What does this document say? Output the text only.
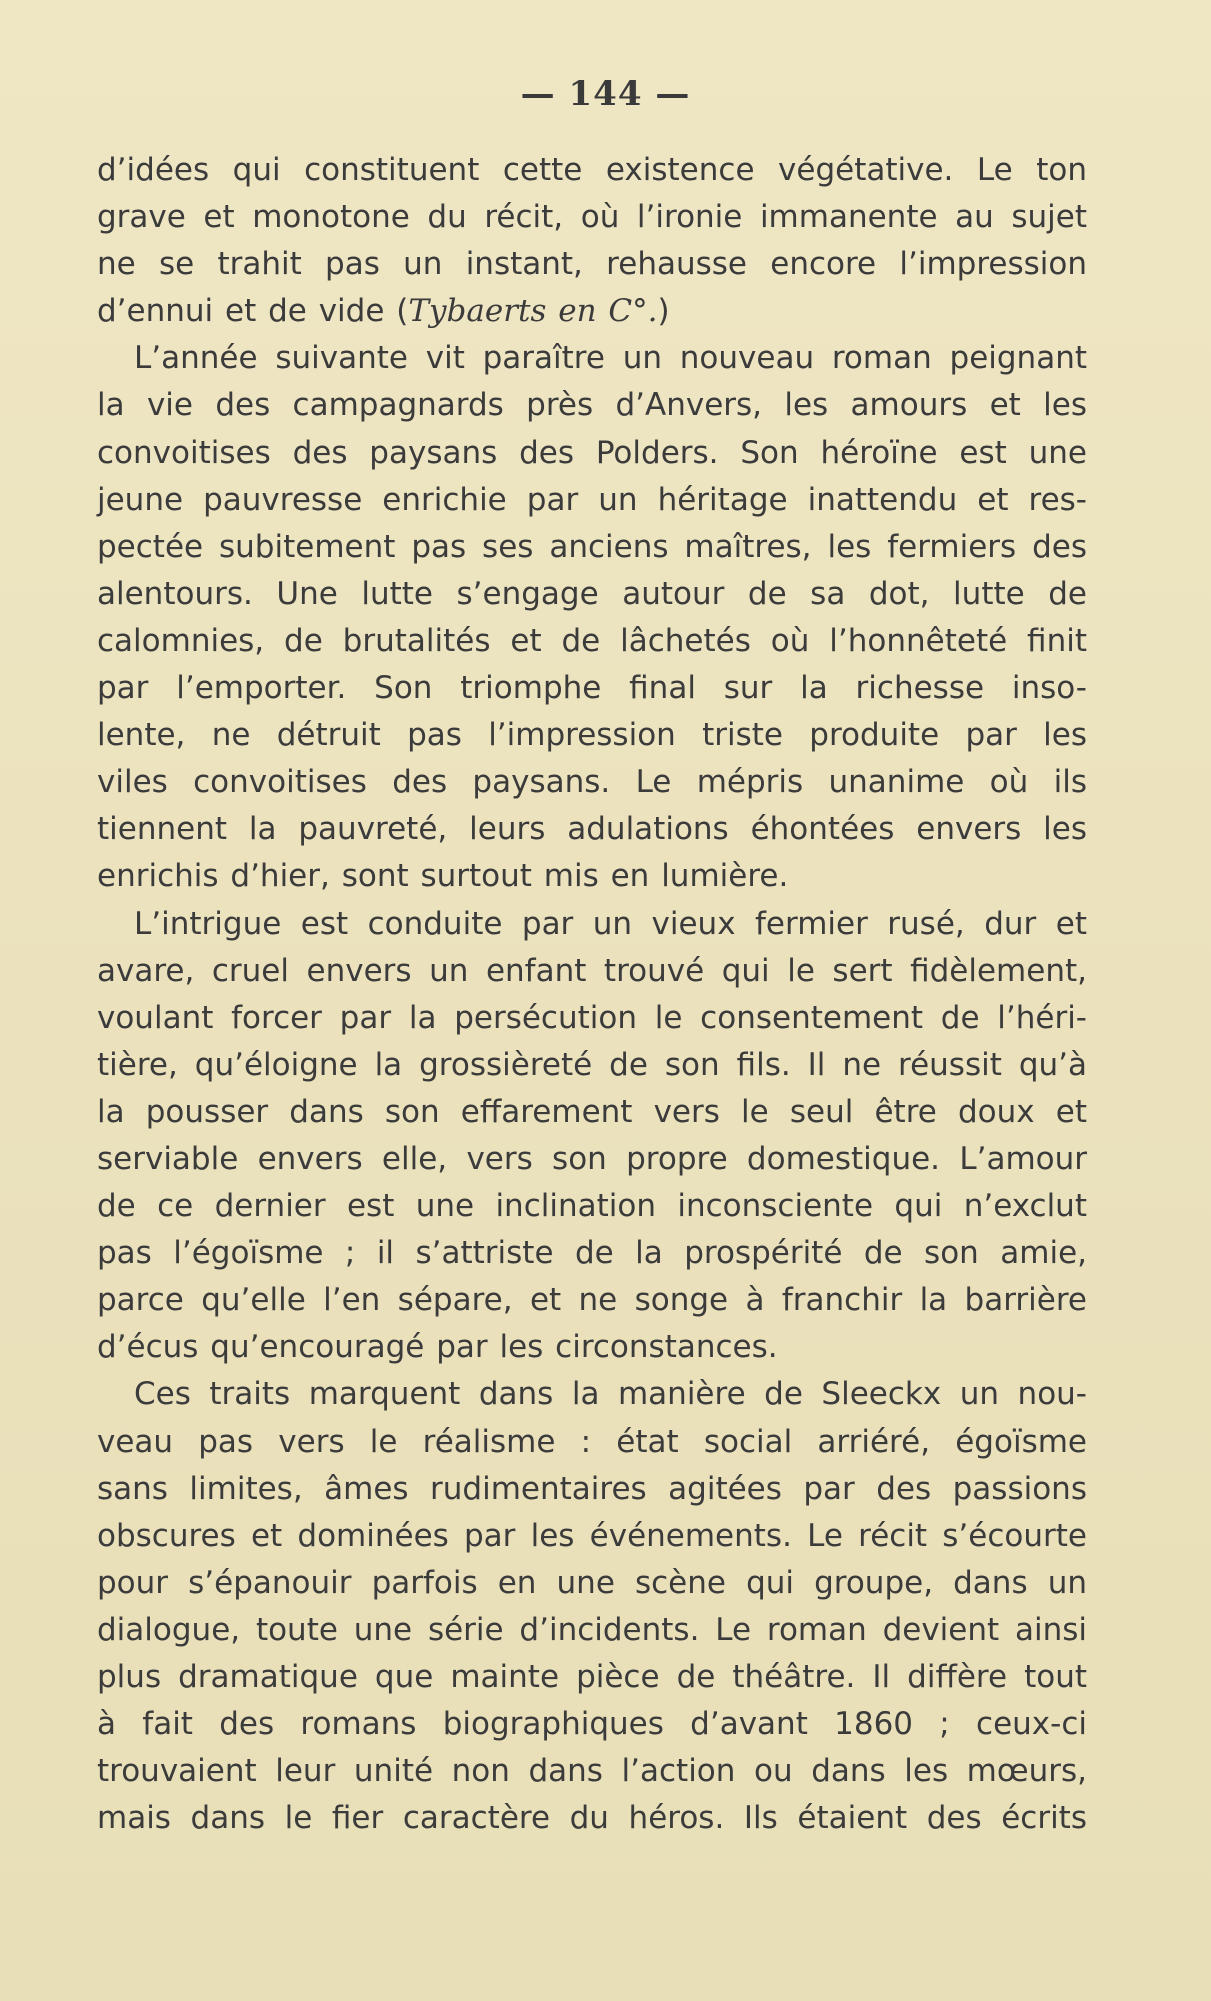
— 144 —
d’idées qui constituent cette existence végétative. Le ton
grave et monotone du récit, où l’ironie immanente au sujet
ne se trahit pas un instant, rehausse encore l’impression
d’ennui et de vide (Tybaerts en C°.)
L’année suivante vit paraître un nouveau roman peignant
la vie des campagnards près d’Anvers, les amours et les
convoitises des paysans des Polders. Son héroïne est une
jeune pauvresse enrichie par un héritage inattendu et res-
pectée subitement pas ses anciens maîtres, les fermiers des
alentours. Une lutte s’engage autour de sa dot, lutte de
calomnies, de brutalités et de lâchetés où l’honnêteté finit
par l’emporter. Son triomphe final sur la richesse inso-
lente, ne détruit pas l’impression triste produite par les
viles convoitises des paysans. Le mépris unanime où ils
tiennent la pauvreté, leurs adulations éhontées envers les
enrichis d’hier, sont surtout mis en lumière.
L’intrigue est conduite par un vieux fermier rusé, dur et
avare, cruel envers un enfant trouvé qui le sert fidèlement,
voulant forcer par la persécution le consentement de l’héri-
tière, qu’éloigne la grossièreté de son fils. Il ne réussit qu’à
la pousser dans son effarement vers le seul être doux et
serviable envers elle, vers son propre domestique. L’amour
de ce dernier est une inclination inconsciente qui n’exclut
pas l’égoïsme ; il s’attriste de la prospérité de son amie,
parce qu’elle l’en sépare, et ne songe à franchir la barrière
d’écus qu’encouragé par les circonstances.
Ces traits marquent dans la manière de Sleeckx un nou-
veau pas vers le réalisme : état social arriéré, égoïsme
sans limites, âmes rudimentaires agitées par des passions
obscures et dominées par les événements. Le récit s’écourte
pour s’épanouir parfois en une scène qui groupe, dans un
dialogue, toute une série d’incidents. Le roman devient ainsi
plus dramatique que mainte pièce de théâtre. Il diffère tout
à fait des romans biographiques d’avant 1860 ; ceux-ci
trouvaient leur unité non dans l’action ou dans les mœurs,
mais dans le fier caractère du héros. Ils étaient des écrits
